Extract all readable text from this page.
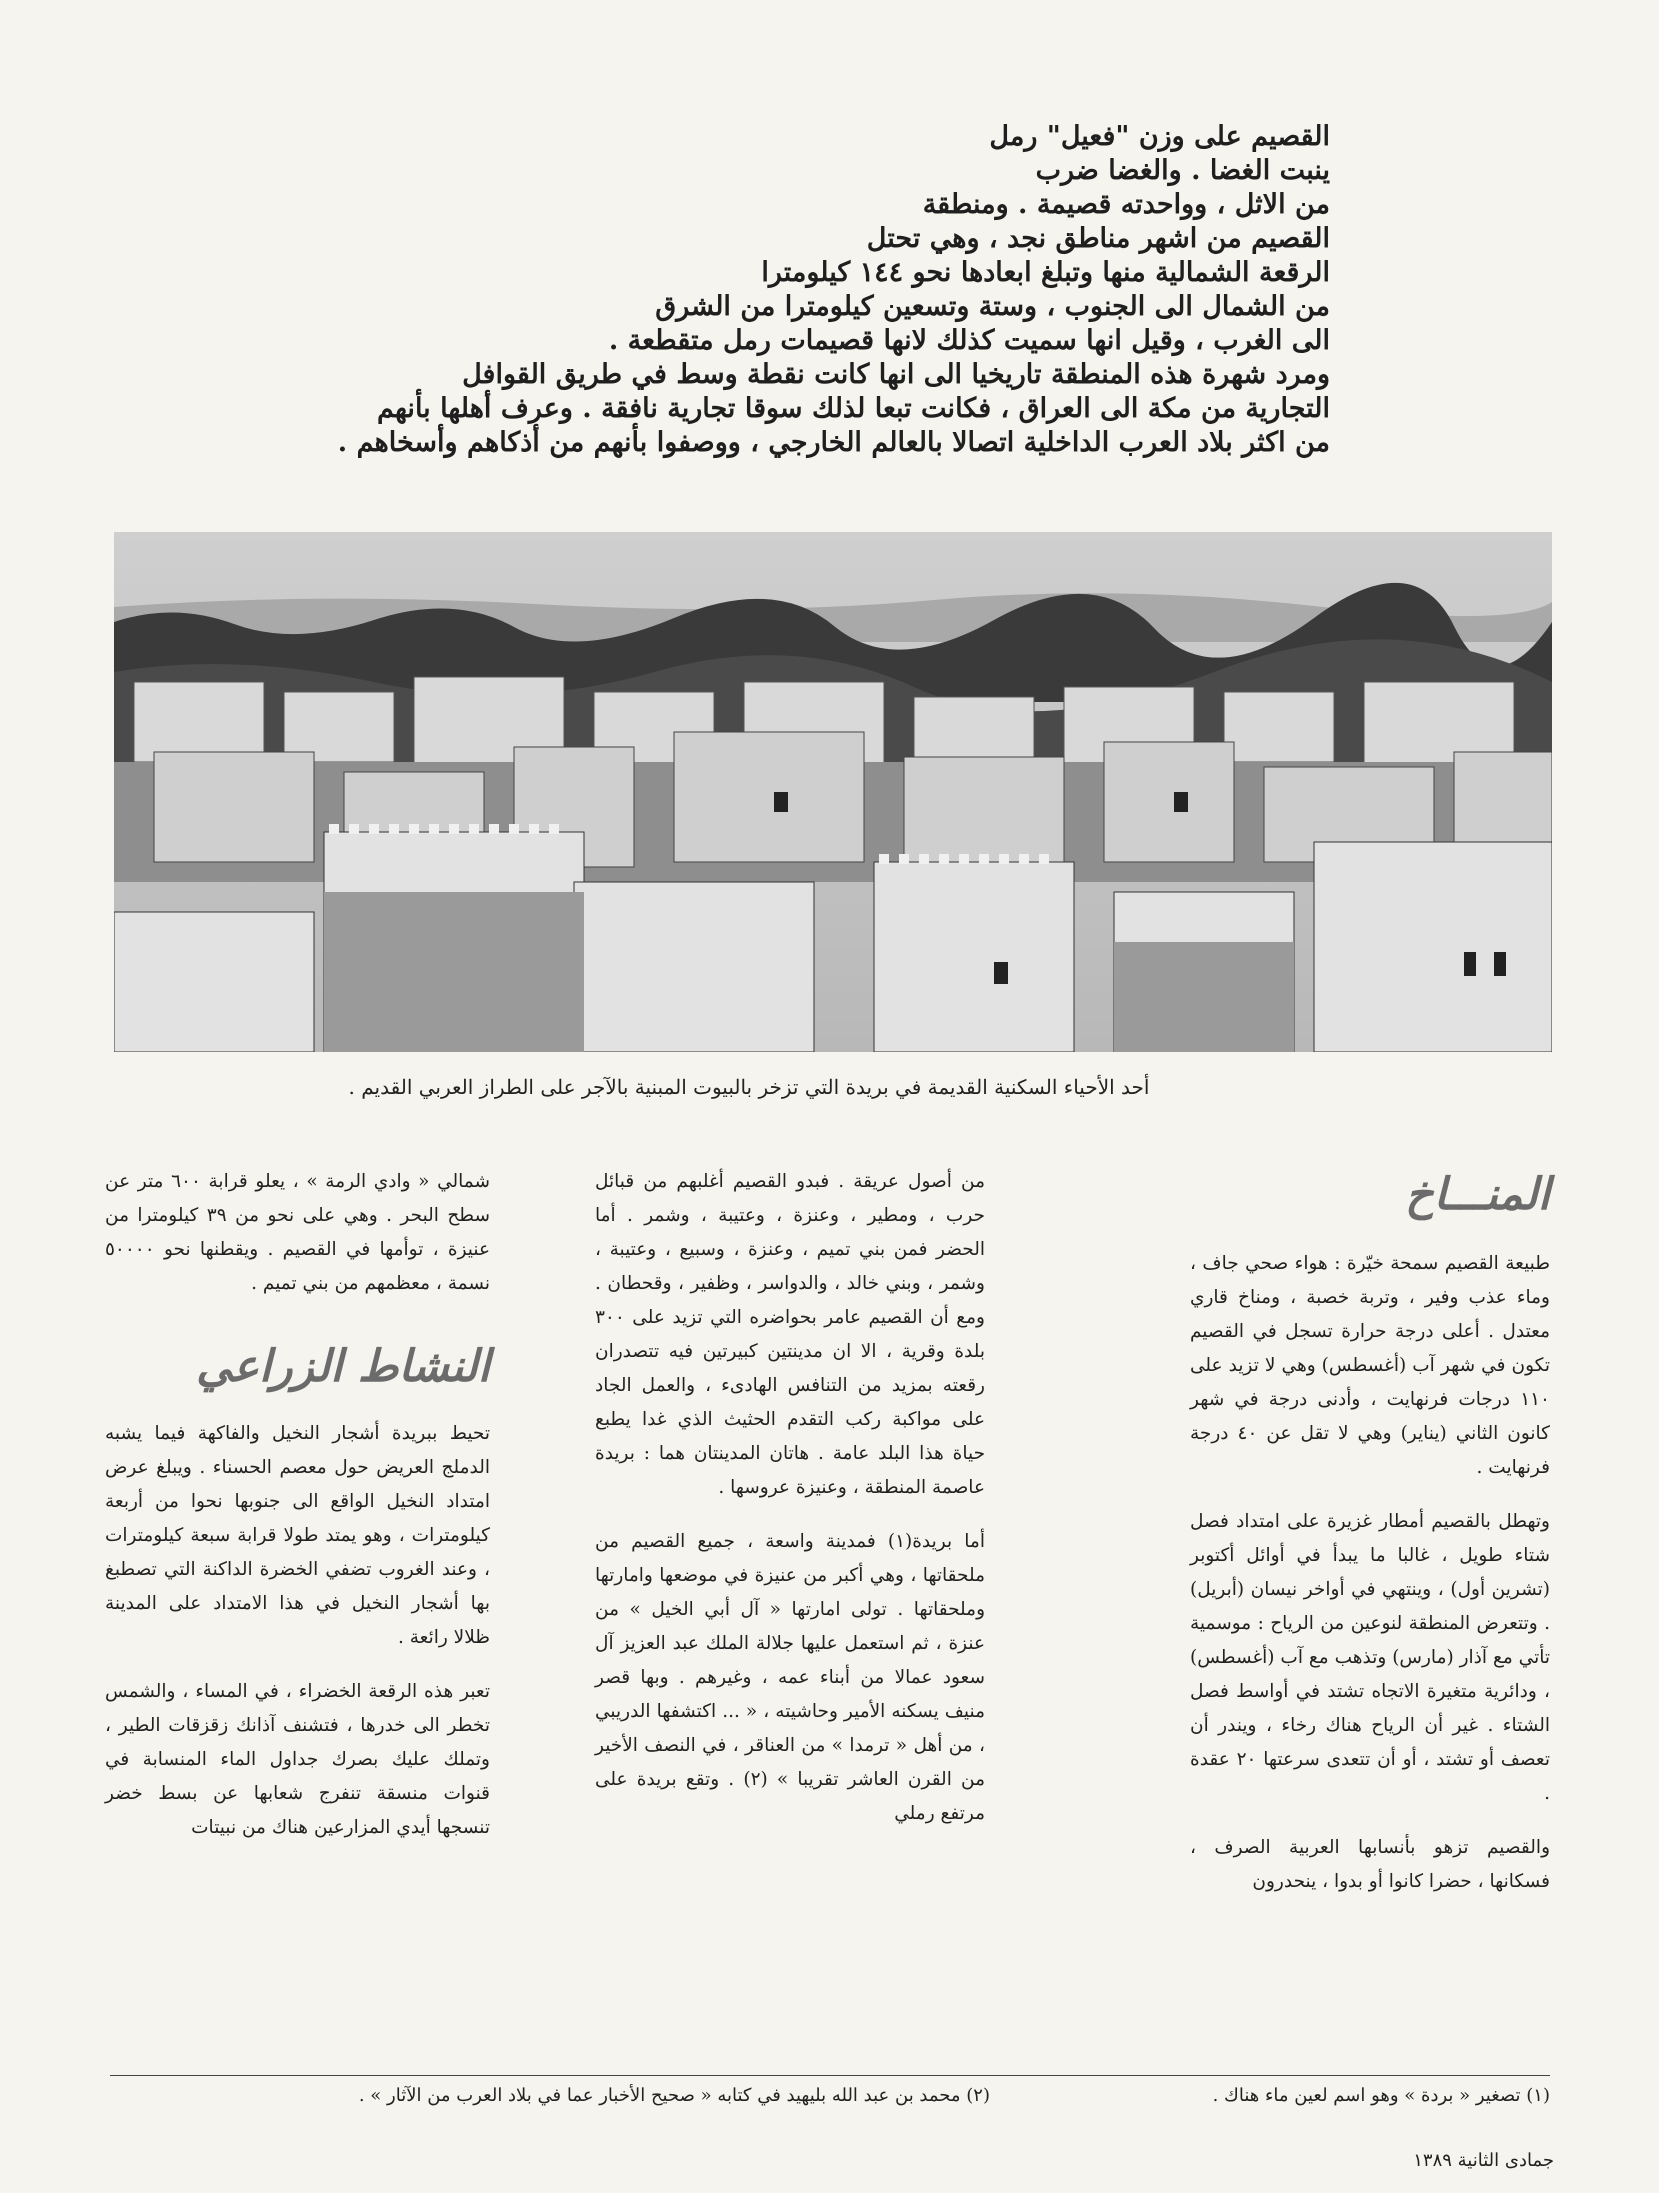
القصيم على وزن "فعيل" رمل

ينبت الغضا . والغضا ضرب

من الاثل ، وواحدته قصيمة . ومنطقة

القصيم من اشهر مناطق نجد ، وهي تحتل

الرقعة الشمالية منها وتبلغ ابعادها نحو ١٤٤ كيلومترا

من الشمال الى الجنوب ، وستة وتسعين كيلومترا من الشرق

الى الغرب ، وقيل انها سميت كذلك لانها قصيمات رمل متقطعة .

ومرد شهرة هذه المنطقة تاريخيا الى انها كانت نقطة وسط في طريق القوافل

التجارية من مكة الى العراق ، فكانت تبعا لذلك سوقا تجارية نافقة . وعرف أهلها بأنهم

من اكثر بلاد العرب الداخلية اتصالا بالعالم الخارجي ، ووصفوا بأنهم من أذكاهم وأسخاهم .

أحد الأحياء السكنية القديمة في بريدة التي تزخر بالبيوت المبنية بالآجر على الطراز العربي القديم .
المنـــاخ

طبيعة القصيم سمحة خيّرة : هواء صحي جاف ، وماء عذب وفير ، وتربة خصبة ، ومناخ قاري معتدل . أعلى درجة حرارة تسجل في القصيم تكون في شهر آب (أغسطس) وهي لا تزيد على ١١٠ درجات فرنهايت ، وأدنى درجة في شهر كانون الثاني (يناير) وهي لا تقل عن ٤٠ درجة فرنهايت .

وتهطل بالقصيم أمطار غزيرة على امتداد فصل شتاء طويل ، غالبا ما يبدأ في أوائل أكتوبر (تشرين أول) ، وينتهي في أواخر نيسان (أبريل) . وتتعرض المنطقة لنوعين من الرياح : موسمية تأتي مع آذار (مارس) وتذهب مع آب (أغسطس) ، ودائرية متغيرة الاتجاه تشتد في أواسط فصل الشتاء . غير أن الرياح هناك رخاء ، ويندر أن تعصف أو تشتد ، أو أن تتعدى سرعتها ٢٠ عقدة .

والقصيم تزهو بأنسابها العربية الصرف ، فسكانها ، حضرا كانوا أو بدوا ، ينحدرون

من أصول عريقة . فبدو القصيم أغلبهم من قبائل حرب ، ومطير ، وعنزة ، وعتيبة ، وشمر . أما الحضر فمن بني تميم ، وعنزة ، وسبيع ، وعتيبة ، وشمر ، وبني خالد ، والدواسر ، وظفير ، وقحطان . ومع أن القصيم عامر بحواضره التي تزيد على ٣٠٠ بلدة وقرية ، الا ان مدينتين كبيرتين فيه تتصدران رقعته بمزيد من التنافس الهادىء ، والعمل الجاد على مواكبة ركب التقدم الحثيث الذي غدا يطبع حياة هذا البلد عامة . هاتان المدينتان هما : بريدة عاصمة المنطقة ، وعنيزة عروسها .

أما بريدة(١) فمدينة واسعة ، جميع القصيم من ملحقاتها ، وهي أكبر من عنيزة في موضعها وامارتها وملحقاتها . تولى امارتها « آل أبي الخيل » من عنزة ، ثم استعمل عليها جلالة الملك عبد العزيز آل سعود عمالا من أبناء عمه ، وغيرهم . وبها قصر منيف يسكنه الأمير وحاشيته ، « ... اكتشفها الدريبي ، من أهل « ترمدا » من العناقر ، في النصف الأخير من القرن العاشر تقريبا » (٢) . وتقع بريدة على مرتفع رملي

شمالي « وادي الرمة » ، يعلو قرابة ٦٠٠ متر عن سطح البحر . وهي على نحو من ٣٩ كيلومترا من عنيزة ، توأمها في القصيم . ويقطنها نحو ٥٠٠٠٠ نسمة ، معظمهم من بني تميم .

النشاط الزراعي

تحيط ببريدة أشجار النخيل والفاكهة فيما يشبه الدملج العريض حول معصم الحسناء . ويبلغ عرض امتداد النخيل الواقع الى جنوبها نحوا من أربعة كيلومترات ، وهو يمتد طولا قرابة سبعة كيلومترات ، وعند الغروب تضفي الخضرة الداكنة التي تصطبغ بها أشجار النخيل في هذا الامتداد على المدينة ظلالا رائعة .

تعبر هذه الرقعة الخضراء ، في المساء ، والشمس تخطر الى خدرها ، فتشنف آذانك زقزقات الطير ، وتملك عليك بصرك جداول الماء المنسابة في قنوات منسقة تنفرج شعابها عن بسط خضر تنسجها أيدي المزارعين هناك من نبيتات

(١) تصغير « بردة » وهو اسم لعين ماء هناك .
(٢) محمد بن عبد الله بليهيد في كتابه « صحيح الأخبار عما في بلاد العرب من الآثار » .
جمادى الثانية ١٣٨٩
